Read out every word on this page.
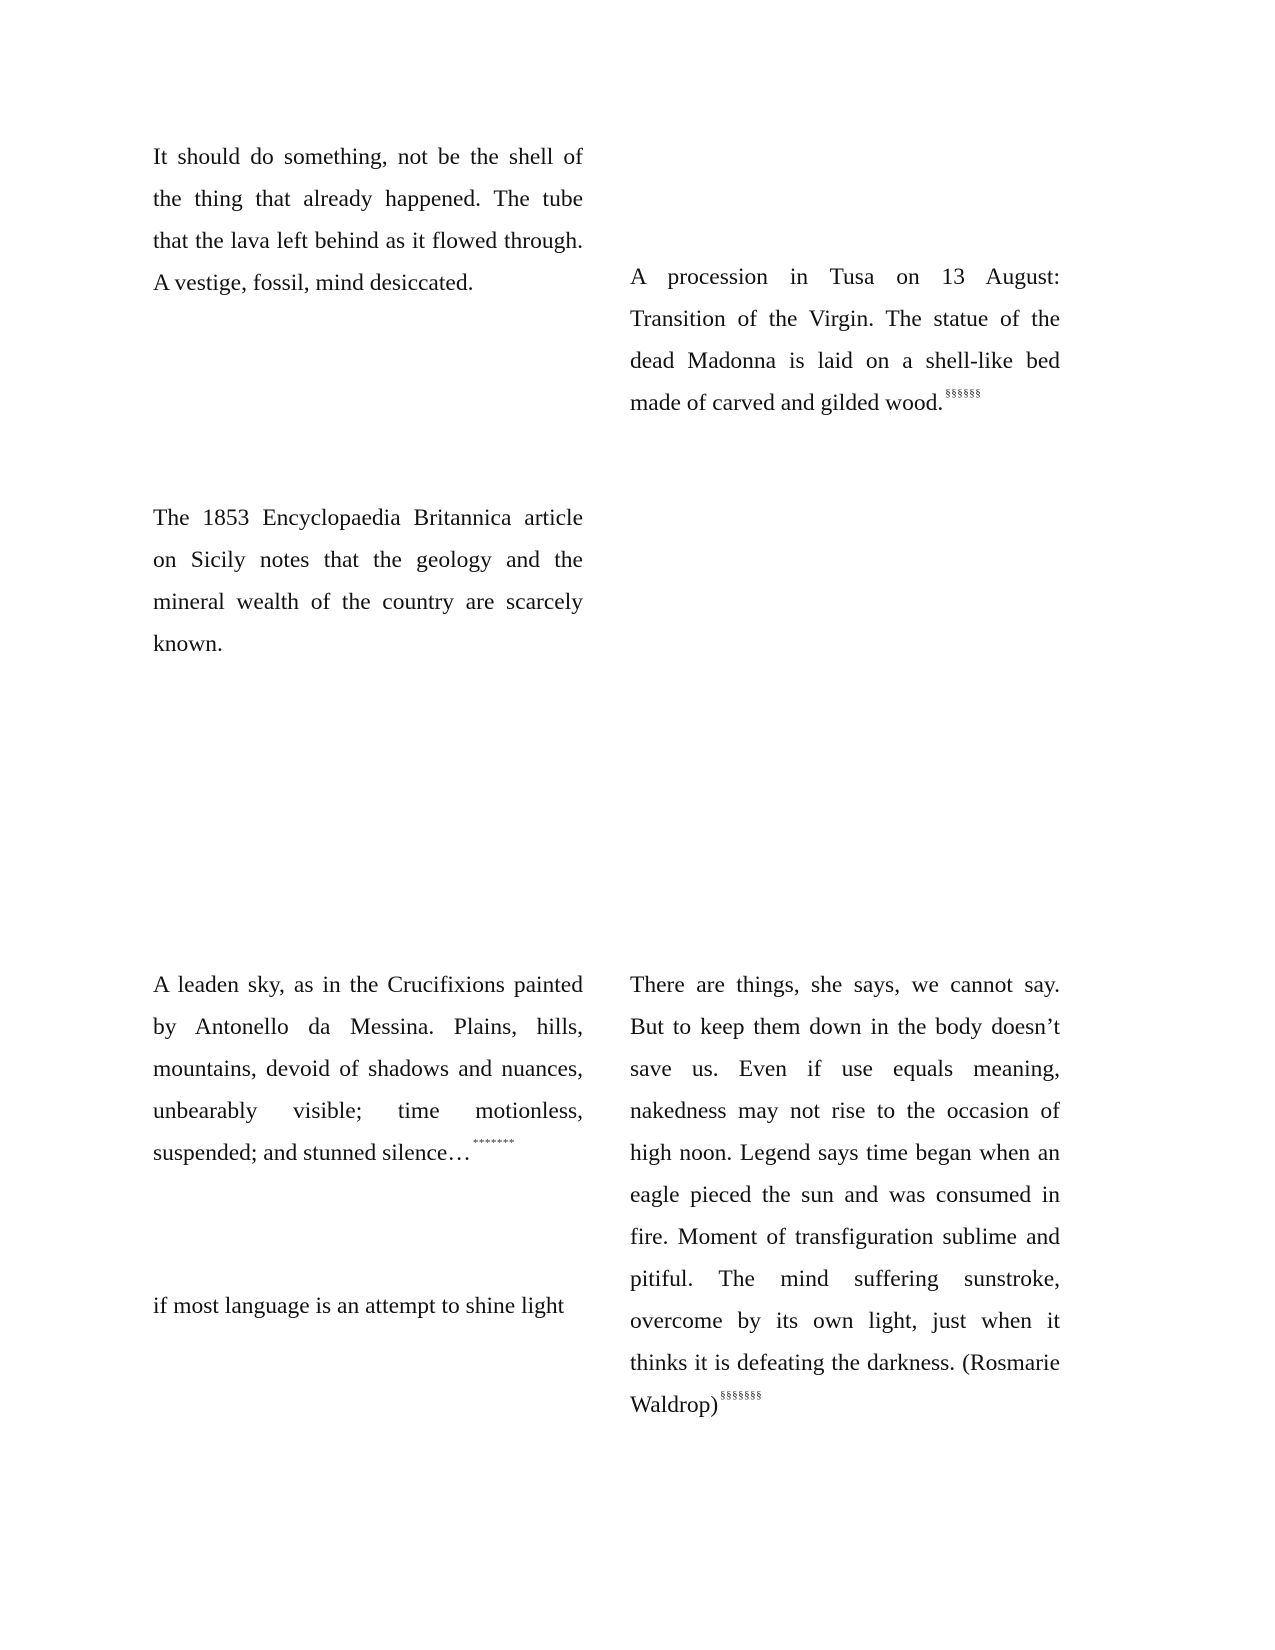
It should do something, not be the shell of the thing that already happened. The tube that the lava left behind as it flowed through. A vestige, fossil, mind desiccated.	A procession in Tusa on 13 August: Transition of the Virgin. The statue of the dead Madonna is laid on a shell-like bed made of carved and gilded wood. §§§§§§

The 1853 Encyclopaedia Britannica article on Sicily notes that the geology and the mineral wealth of the country are scarcely known.

A leaden sky, as in the Crucifixions painted by Antonello da Messina. Plains, hills, mountains, devoid of shadows and nuances, unbearably visible; time motionless, suspended; and stunned silence… *******

if most language is an attempt to shine light

There are things, she says, we cannot say. But to keep them down in the body doesn’t save us. Even if use equals meaning, nakedness may not rise to the occasion of high noon. Legend says time began when an eagle pieced the sun and was consumed in fire. Moment of transfiguration sublime and pitiful. The mind suffering sunstroke, overcome by its own light, just when it thinks it is defeating the darkness. (Rosmarie Waldrop) §§§§§§§
